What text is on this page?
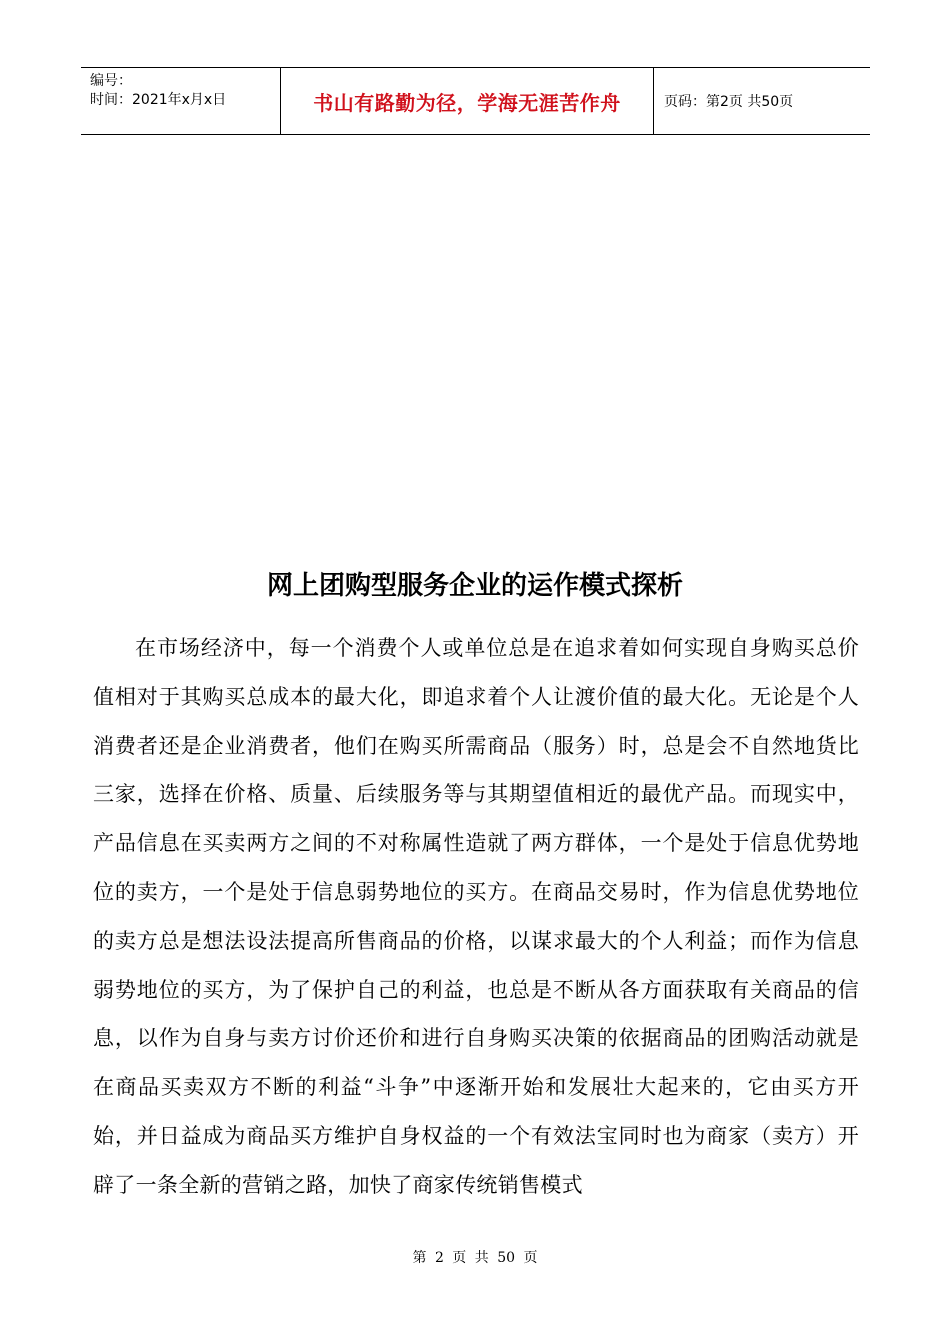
编号：
时间：2021年x月x日	书山有路勤为径，学海无涯苦作舟	页码：第2页 共50页
网上团购型服务企业的运作模式探析

在市场经济中，每一个消费个人或单位总是在追求着如何实现自身购买总价值相对于其购买总成本的最大化，即追求着个人让渡价值的最大化。无论是个人消费者还是企业消费者，他们在购买所需商品（服务）时，总是会不自然地货比三家，选择在价格、质量、后续服务等与其期望值相近的最优产品。而现实中，产品信息在买卖两方之间的不对称属性造就了两方群体，一个是处于信息优势地位的卖方，一个是处于信息弱势地位的买方。在商品交易时，作为信息优势地位的卖方总是想法设法提高所售商品的价格，以谋求最大的个人利益；而作为信息弱势地位的买方，为了保护自己的利益，也总是不断从各方面获取有关商品的信息，以作为自身与卖方讨价还价和进行自身购买决策的依据商品的团购活动就是在商品买卖双方不断的利益“斗争”中逐渐开始和发展壮大起来的，它由买方开始，并日益成为商品买方维护自身权益的一个有效法宝同时也为商家（卖方）开辟了一条全新的营销之路，加快了商家传统销售模式

第 2 页 共 50 页
